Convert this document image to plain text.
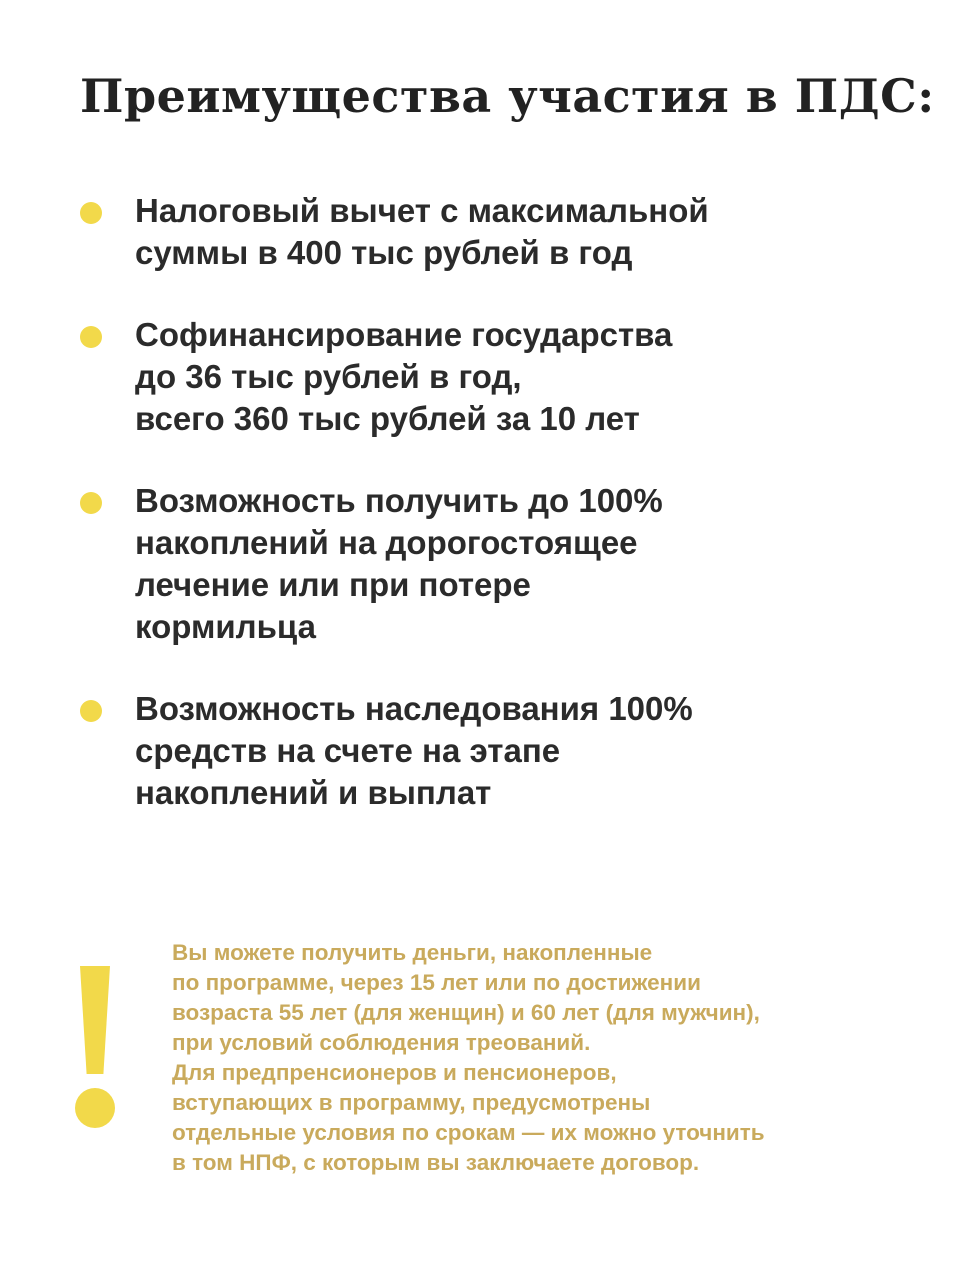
Преимущества участия в ПДС:
Налоговый вычет с максимальной
суммы в 400 тыс рублей в год
Софинансирование государства
до 36 тыс рублей в год,
всего 360 тыс рублей за 10 лет
Возможность получить до 100%
накоплений на дорогостоящее
лечение или при потере
кормильца
Возможность наследования 100%
средств на счете на этапе
накоплений и выплат
Вы можете получить деньги, накопленные
по программе, через 15 лет или по достижении
возраста 55 лет (для женщин) и 60 лет (для мужчин),
при условий соблюдения треований.
Для предпренсионеров и пенсионеров,
вступающих в программу, предусмотрены
отдельные условия по срокам — их можно уточнить
в том НПФ, с которым вы заключаете договор.
